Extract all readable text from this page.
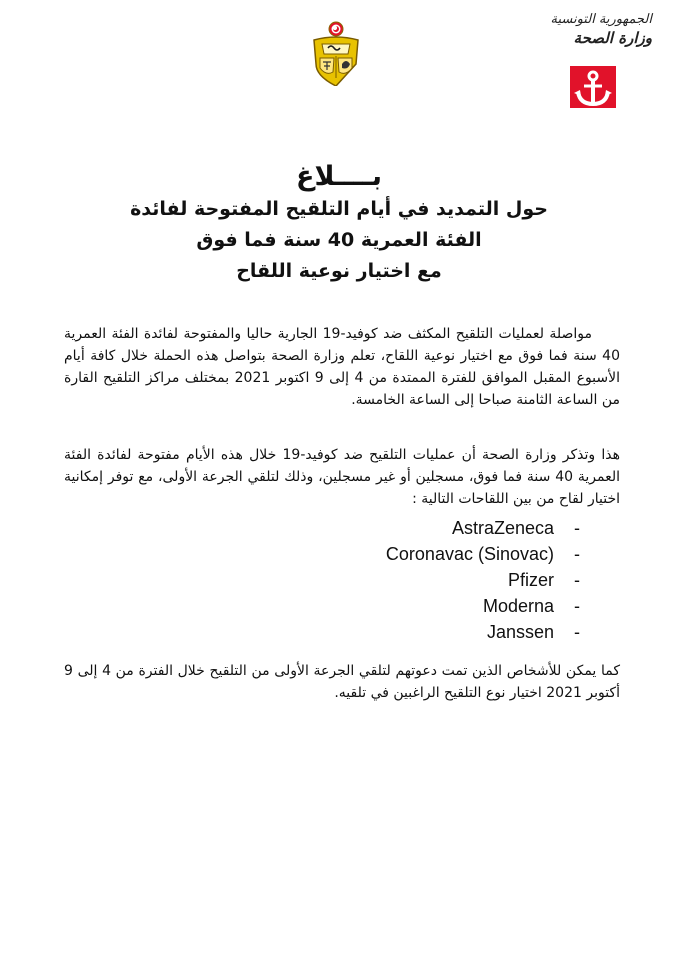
الجمهورية التونسية
وزارة الصحة
بــــلاغ
حول التمديد في أيام التلقيح المفتوحة لفائدة
الفئة العمرية 40 سنة فما فوق
مع اختيار نوعية اللقاح
مواصلة لعمليات التلقيح المكثف ضد كوفيد-19 الجارية حاليا والمفتوحة لفائدة الفئة العمرية 40 سنة فما فوق مع اختيار نوعية اللقاح، تعلم وزارة الصحة بتواصل هذه الحملة خلال كافة أيام الأسبوع المقبل الموافق للفترة الممتدة من 4 إلى 9 اكتوبر 2021 بمختلف مراكز التلقيح القارة من الساعة الثامنة صباحا إلى الساعة الخامسة.
هذا وتذكر وزارة الصحة أن عمليات التلقيح ضد كوفيد-19 خلال هذه الأيام مفتوحة لفائدة الفئة العمرية 40 سنة فما فوق، مسجلين أو غير مسجلين، وذلك لتلقي الجرعة الأولى، مع توفر إمكانية اختيار لقاح من بين اللقاحات التالية :
AstraZeneca	-
Coronavac (Sinovac)	-
Pfizer	-
Moderna	-
Janssen	-
كما يمكن للأشخاص الذين تمت دعوتهم لتلقي الجرعة الأولى من التلقيح خلال الفترة من 4 إلى 9 أكتوبر 2021 اختيار نوع التلقيح الراغبين في تلقيه.
